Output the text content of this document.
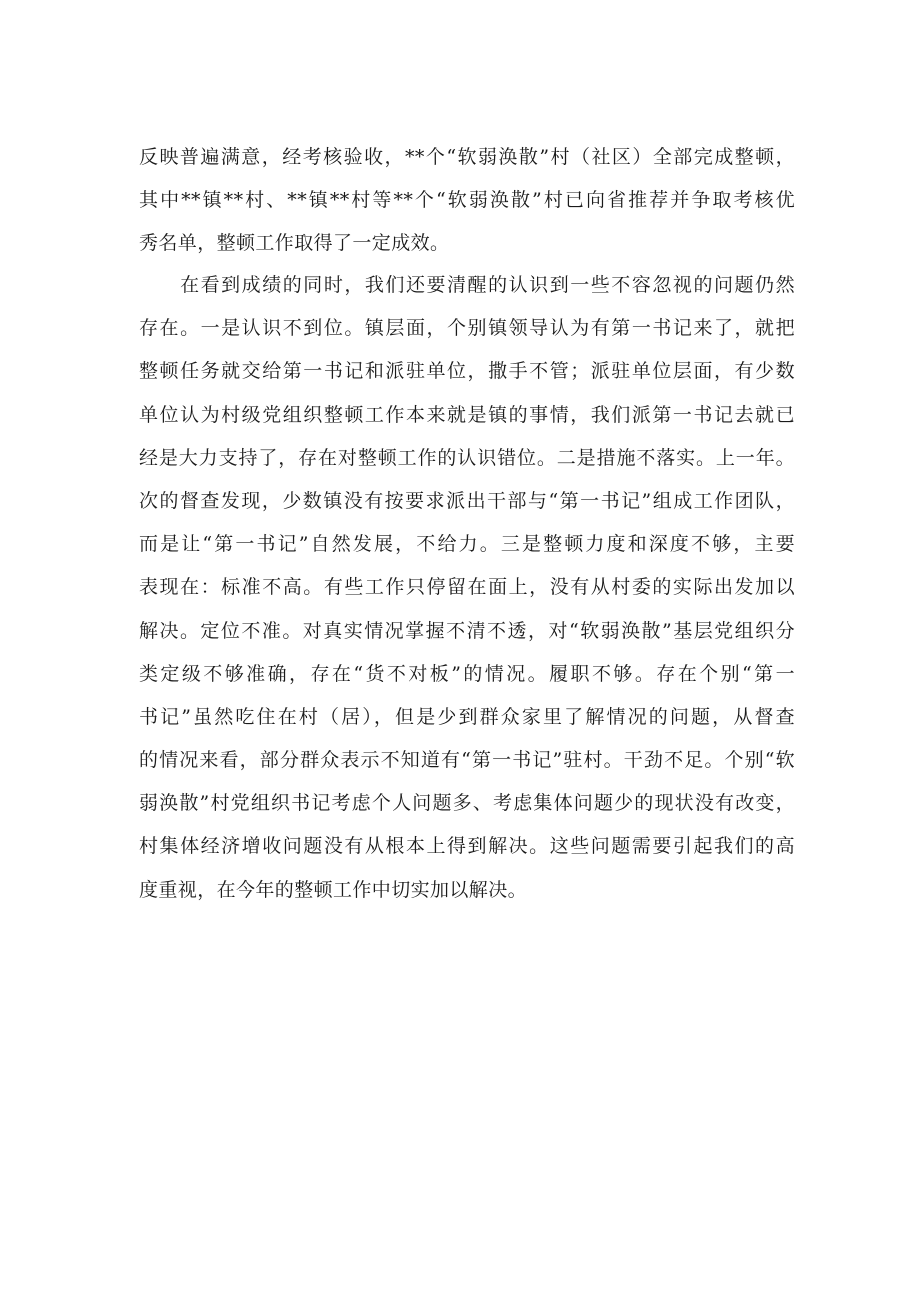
反映普遍满意，经考核验收，**个“软弱涣散”村（社区）全部完成整顿，
其中**镇**村、**镇**村等**个“软弱涣散”村已向省推荐并争取考核优
秀名单，整顿工作取得了一定成效。
　　在看到成绩的同时，我们还要清醒的认识到一些不容忽视的问题仍然
存在。一是认识不到位。镇层面，个别镇领导认为有第一书记来了，就把
整顿任务就交给第一书记和派驻单位，撒手不管；派驻单位层面，有少数
单位认为村级党组织整顿工作本来就是镇的事情，我们派第一书记去就已
经是大力支持了，存在对整顿工作的认识错位。二是措施不落实。上一年。
次的督查发现，少数镇没有按要求派出干部与“第一书记”组成工作团队，
而是让“第一书记”自然发展，不给力。三是整顿力度和深度不够，主要
表现在：标准不高。有些工作只停留在面上，没有从村委的实际出发加以
解决。定位不准。对真实情况掌握不清不透，对“软弱涣散”基层党组织分
类定级不够准确，存在“货不对板”的情况。履职不够。存在个别“第一
书记”虽然吃住在村（居），但是少到群众家里了解情况的问题，从督查
的情况来看，部分群众表示不知道有“第一书记”驻村。干劲不足。个别“软
弱涣散”村党组织书记考虑个人问题多、考虑集体问题少的现状没有改变，
村集体经济增收问题没有从根本上得到解决。这些问题需要引起我们的高
度重视，在今年的整顿工作中切实加以解决。
